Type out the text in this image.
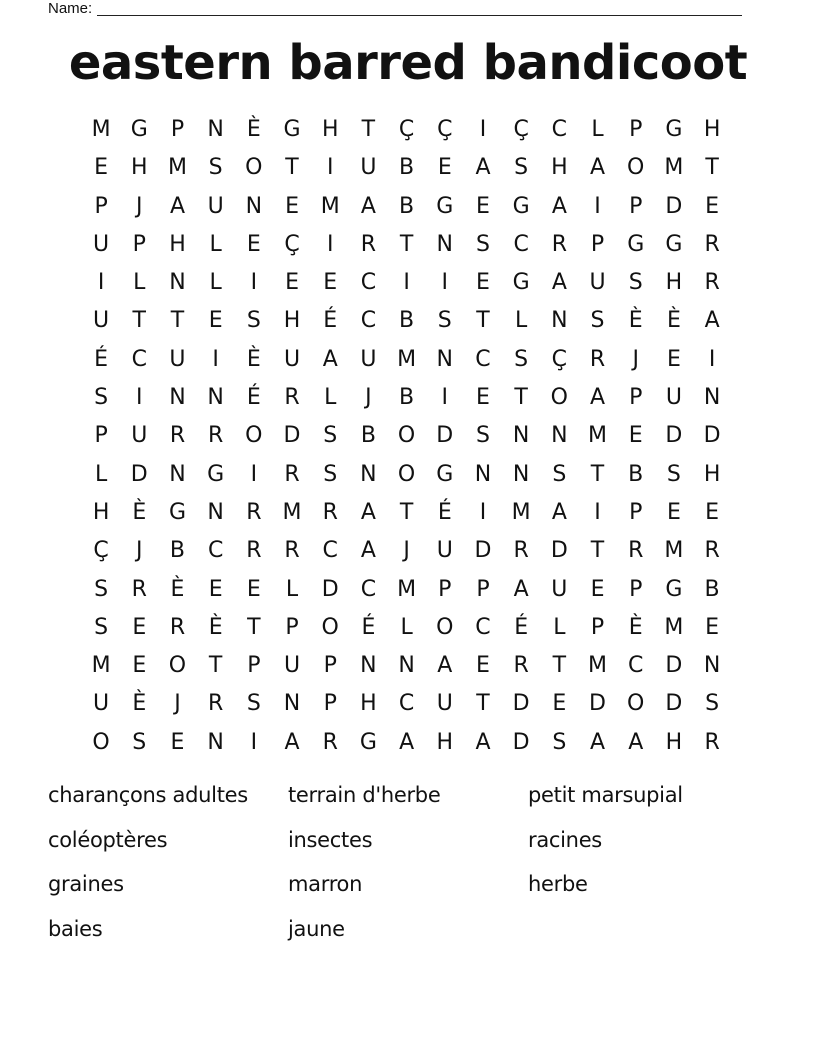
Name:
eastern barred bandicoot
M G	P	N	È	G H	T	Ç	Ç	I	Ç	C	L	P	G H
E	H M S	O	T	I	U	B	E	A	S	H	A O M T
P	J	A	U N	E M A	B	G	E	G	A	I	P	D	E
U	P	H	L	E	Ç	I	R	T	N	S	C	R	P	G G	R
I	L	N	L	I	E	E	C	I	I	E	G	A	U	S	H	R
U	T	T	E	S	H	É	C	B	S	T	L	N	S	È	È	A
É	C	U	I	È	U	A	U M N	C	S	Ç	R	J	E	I
S	I	N N	É	R	L	J	B	I	E	T	O	A	P	U N
P	U	R	R O D	S	B O D	S	N N M E	D D
L	D N G	I	R	S	N O G N N	S	T	B	S	H
H	È	G N	R M R	A	T	É	I	M A	I	P	E	E
Ç	J	B	C	R	R	C	A	J	U D	R	D	T	R M R
S	R	È	E	E	L	D	C M	P	P	A	U	E	P	G	B
S	E	R	È	T	P	O	É	L	O C	É	L	P	È M E
M E	O	T	P	U	P	N N	A	E	R	T M C	D N
U	È	J	R	S	N	P	H	C	U	T	D	E	D O D	S
O	S	E	N	I	A	R	G	A	H	A	D	S	A	A	H	R
charançons adultes	terrain d'herbe	petit marsupial
coléoptères	insectes	racines
graines	marron	herbe
baies	jaune
